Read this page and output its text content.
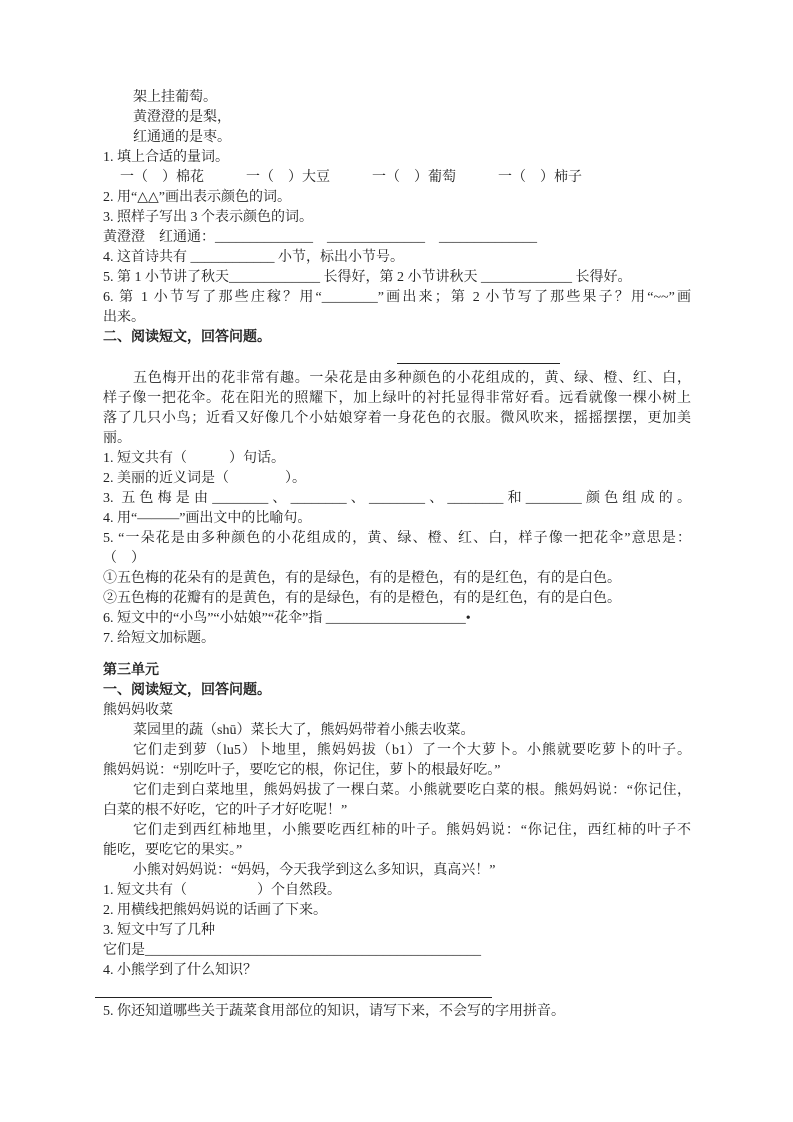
架上挂葡萄。
黄澄澄的是梨，
红通通的是枣。
1. 填上合适的量词。
一（　）棉花　　　一（　）大豆　　　一（　）葡萄　　　一（　）柿子
2. 用“△△”画出表示颜色的词。
3. 照样子写出 3 个表示颜色的词。
黄澄澄　红通通：______________　______________　______________
4. 这首诗共有 ____________ 小节，标出小节号。
5. 第 1 小节讲了秋天_____________ 长得好，第 2 小节讲秋天 _____________ 长得好。
6. 第 1 小节写了那些庄稼？用“________”画出来；第 2 小节写了那些果子？用“~~”画
出来。
二、阅读短文，回答问题。
五色梅开出的花非常有趣。一朵花是由多种颜色的小花组成的，黄、绿、橙、红、白，
样子像一把花伞。花在阳光的照耀下，加上绿叶的衬托显得非常好看。远看就像一棵小树上
落了几只小鸟；近看又好像几个小姑娘穿着一身花色的衣服。微风吹来，摇摇摆摆，更加美
丽。
1. 短文共有（　　　）句话。
2. 美丽的近义词是（　　　　）。
3. 五色梅是由________、________、________、________和________颜色组成的。
4. 用“———”画出文中的比喻句。
5. “一朵花是由多种颜色的小花组成的，黄、绿、橙、红、白，样子像一把花伞”意思是：
（　）
①五色梅的花朵有的是黄色，有的是绿色，有的是橙色，有的是红色，有的是白色。
②五色梅的花瓣有的是黄色，有的是绿色，有的是橙色，有的是红色，有的是白色。
6. 短文中的“小鸟”“小姑娘”“花伞”指 ____________________•
7. 给短文加标题。
第三单元
一、阅读短文，回答问题。
熊妈妈收菜
菜园里的蔬（shū）菜长大了，熊妈妈带着小熊去收菜。
它们走到萝（lu5）卜地里，熊妈妈拔（b1）了一个大萝卜。小熊就要吃萝卜的叶子。
熊妈妈说：“别吃叶子，要吃它的根，你记住，萝卜的根最好吃。”
它们走到白菜地里，熊妈妈拔了一棵白菜。小熊就要吃白菜的根。熊妈妈说：“你记住，
白菜的根不好吃，它的叶子才好吃呢！”
它们走到西红柿地里，小熊要吃西红柿的叶子。熊妈妈说：“你记住，西红柿的叶子不
能吃，要吃它的果实。”
小熊对妈妈说：“妈妈，今天我学到这么多知识，真高兴！”
1. 短文共有（　　　　　）个自然段。
2. 用横线把熊妈妈说的话画了下来。
3. 短文中写了几种
它们是________________________________________________
4. 小熊学到了什么知识？
5. 你还知道哪些关于蔬菜食用部位的知识，请写下来，不会写的字用拼音。
